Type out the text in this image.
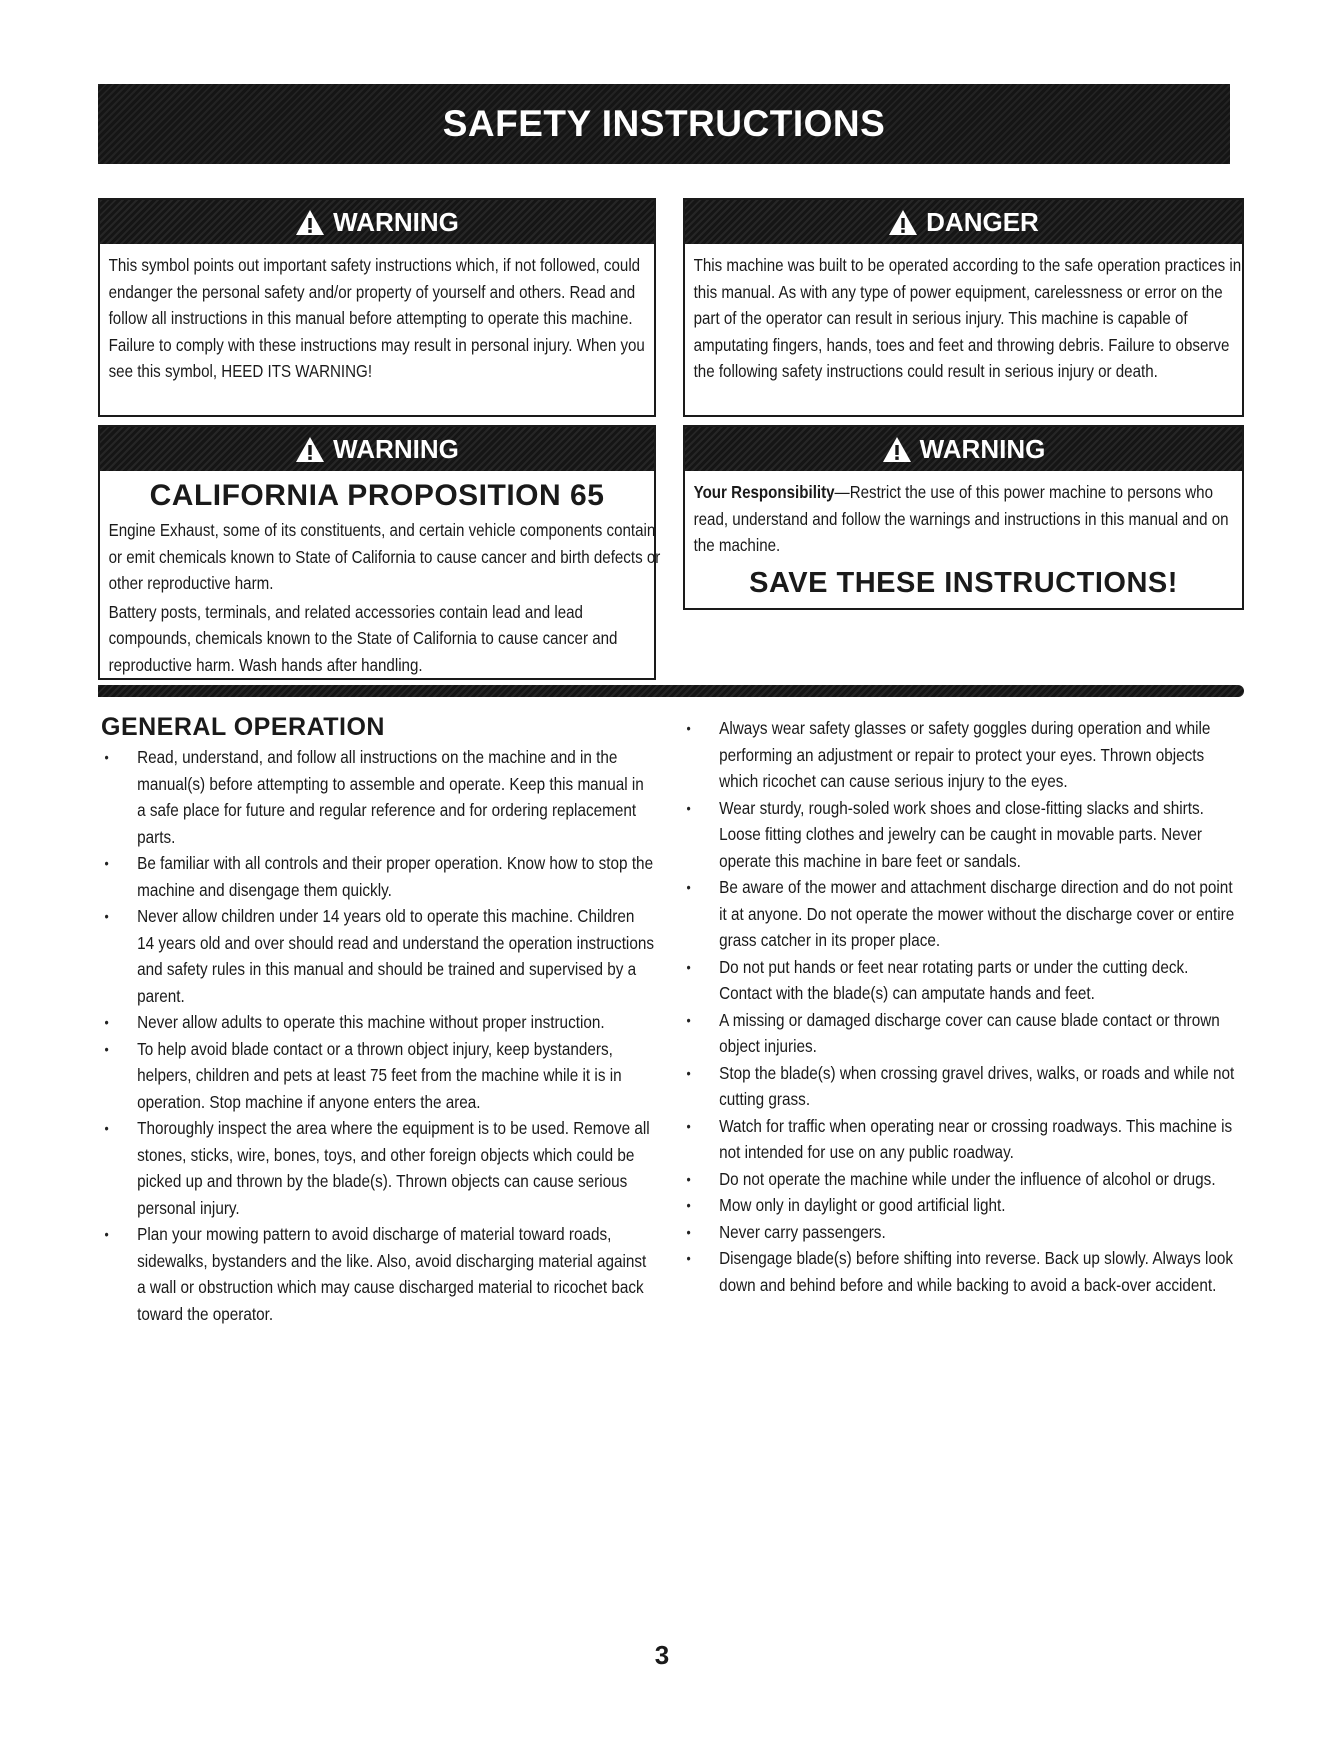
SAFETY INSTRUCTIONS
WARNING

This symbol points out important safety instructions which, if not followed, could endanger the personal safety and/or property of yourself and others. Read and follow all instructions in this manual before attempting to operate this machine. Failure to comply with these instructions may result in personal injury. When you see this symbol, HEED ITS WARNING!

DANGER

This machine was built to be operated according to the safe operation practices in this manual. As with any type of power equipment, carelessness or error on the part of the operator can result in serious injury. This machine is capable of amputating fingers, hands, toes and feet and throwing debris. Failure to observe the following safety instructions could result in serious injury or death.

WARNING
CALIFORNIA PROPOSITION 65

Engine Exhaust, some of its constituents, and certain vehicle components contain or emit chemicals known to State of California to cause cancer and birth defects or other reproductive harm.

Battery posts, terminals, and related accessories contain lead and lead compounds, chemicals known to the State of California to cause cancer and reproductive harm. Wash hands after handling.

WARNING

Your Responsibility—Restrict the use of this power machine to persons who read, understand and follow the warnings and instructions in this manual and on the machine.

SAVE THESE INSTRUCTIONS!
GENERAL OPERATION
• Read, understand, and follow all instructions on the machine and in the manual(s) before attempting to assemble and operate. Keep this manual in a safe place for future and regular reference and for ordering replacement parts.
• Be familiar with all controls and their proper operation. Know how to stop the machine and disengage them quickly.
• Never allow children under 14 years old to operate this machine. Children 14 years old and over should read and understand the operation instructions and safety rules in this manual and should be trained and supervised by a parent.
• Never allow adults to operate this machine without proper instruction.
• To help avoid blade contact or a thrown object injury, keep bystanders, helpers, children and pets at least 75 feet from the machine while it is in operation. Stop machine if anyone enters the area.
• Thoroughly inspect the area where the equipment is to be used. Remove all stones, sticks, wire, bones, toys, and other foreign objects which could be picked up and thrown by the blade(s). Thrown objects can cause serious personal injury.
• Plan your mowing pattern to avoid discharge of material toward roads, sidewalks, bystanders and the like. Also, avoid discharging material against a wall or obstruction which may cause discharged material to ricochet back toward the operator.
• Always wear safety glasses or safety goggles during operation and while performing an adjustment or repair to protect your eyes. Thrown objects which ricochet can cause serious injury to the eyes.
• Wear sturdy, rough-soled work shoes and close-fitting slacks and shirts. Loose fitting clothes and jewelry can be caught in movable parts. Never operate this machine in bare feet or sandals.
• Be aware of the mower and attachment discharge direction and do not point it at anyone. Do not operate the mower without the discharge cover or entire grass catcher in its proper place.
• Do not put hands or feet near rotating parts or under the cutting deck. Contact with the blade(s) can amputate hands and feet.
• A missing or damaged discharge cover can cause blade contact or thrown object injuries.
• Stop the blade(s) when crossing gravel drives, walks, or roads and while not cutting grass.
• Watch for traffic when operating near or crossing roadways. This machine is not intended for use on any public roadway.
• Do not operate the machine while under the influence of alcohol or drugs.
• Mow only in daylight or good artificial light.
• Never carry passengers.
• Disengage blade(s) before shifting into reverse. Back up slowly. Always look down and behind before and while backing to avoid a back-over accident.
3
